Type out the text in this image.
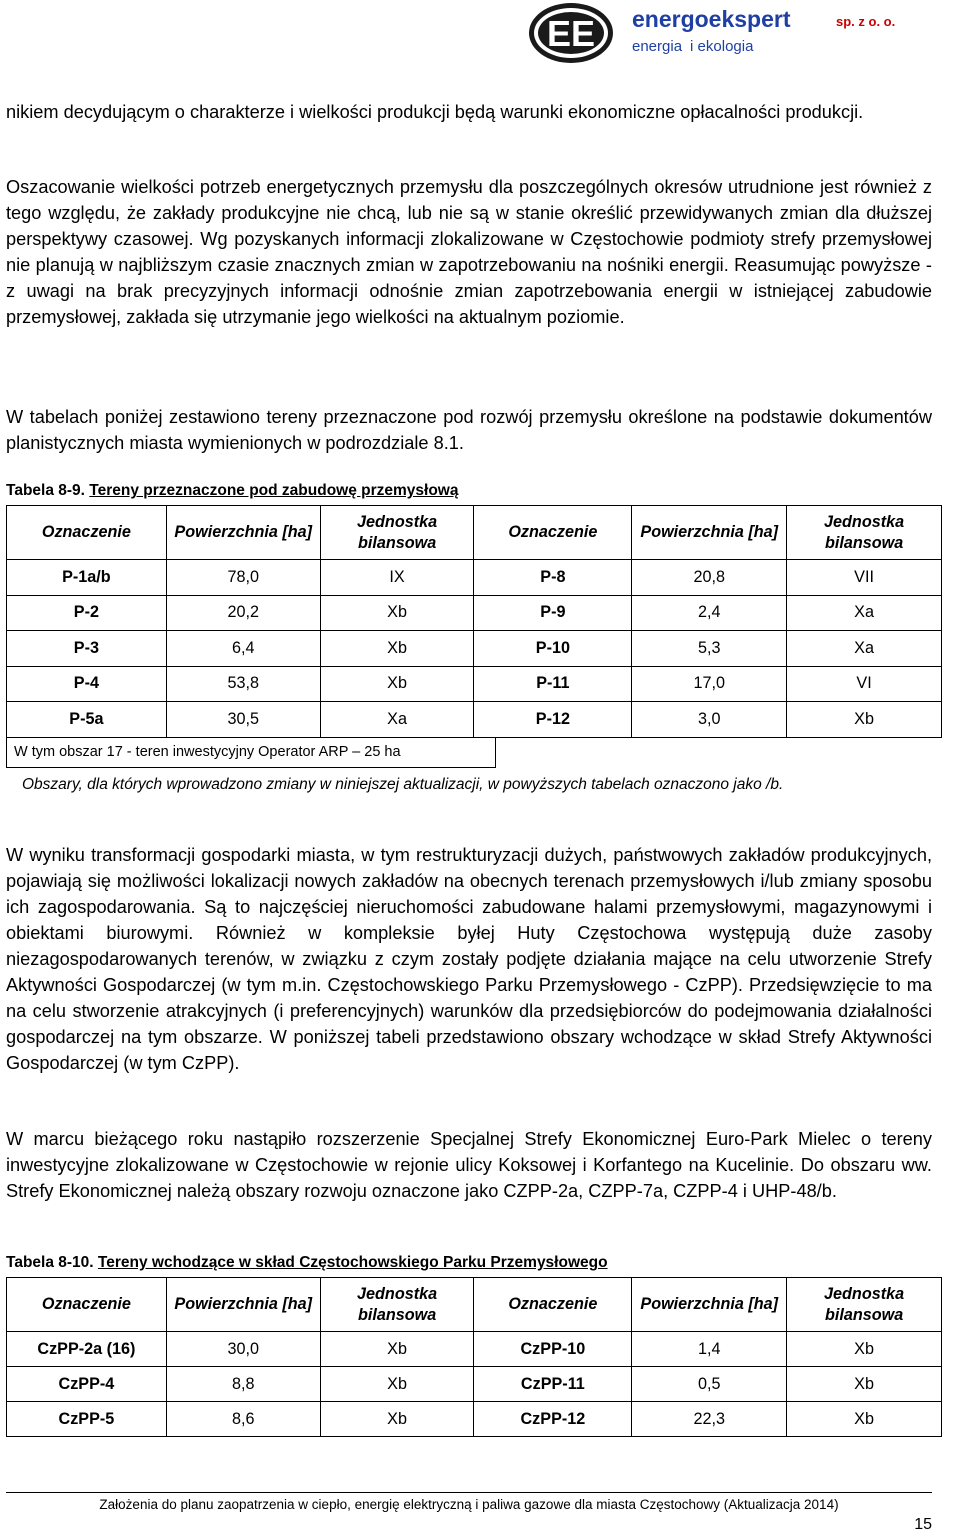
EE energoekspert	sp. z o. o.
energia i ekologia

nikiem decydującym o charakterze i wielkości produkcji będą warunki ekonomiczne opłacalności produkcji.

Oszacowanie wielkości potrzeb energetycznych przemysłu dla poszczególnych okresów utrudnione jest również z tego względu, że zakłady produkcyjne nie chcą, lub nie są w stanie określić przewidywanych zmian dla dłuższej perspektywy czasowej. Wg pozyskanych informacji zlokalizowane w Częstochowie podmioty strefy przemysłowej nie planują w najbliższym czasie znacznych zmian w zapotrzebowaniu na nośniki energii. Reasumując powyższe - z uwagi na brak precyzyjnych informacji odnośnie zmian zapotrzebowania energii w istniejącej zabudowie przemysłowej, zakłada się utrzymanie jego wielkości na aktualnym poziomie.

W tabelach poniżej zestawiono tereny przeznaczone pod rozwój przemysłu określone na podstawie dokumentów planistycznych miasta wymienionych w podrozdziale 8.1.

Tabela 8-9. Tereny przeznaczone pod zabudowę przemysłową

Oznaczenie	Powierzchnia [ha]	Jednostka bilansowa	Oznaczenie	Powierzchnia [ha]	Jednostka bilansowa
P-1a/b	78,0	IX	P-8	20,8	VII
P-2	20,2	Xb	P-9	2,4	Xa
P-3	6,4	Xb	P-10	5,3	Xa
P-4	53,8	Xb	P-11	17,0	VI
P-5a	30,5	Xa	P-12	3,0	Xb
W tym obszar 17 - teren inwestycyjny Operator ARP – 25 ha

Obszary, dla których wprowadzono zmiany w niniejszej aktualizacji, w powyższych tabelach oznaczono jako /b.

W wyniku transformacji gospodarki miasta, w tym restrukturyzacji dużych, państwowych zakładów produkcyjnych, pojawiają się możliwości lokalizacji nowych zakładów na obecnych terenach przemysłowych i/lub zmiany sposobu ich zagospodarowania. Są to najczęściej nieruchomości zabudowane halami przemysłowymi, magazynowymi i obiektami biurowymi. Również w kompleksie byłej Huty Częstochowa występują duże zasoby niezagospodarowanych terenów, w związku z czym zostały podjęte działania mające na celu utworzenie Strefy Aktywności Gospodarczej (w tym m.in. Częstochowskiego Parku Przemysłowego - CzPP). Przedsięwzięcie to ma na celu stworzenie atrakcyjnych (i preferencyjnych) warunków dla przedsiębiorców do podejmowania działalności gospodarczej na tym obszarze. W poniższej tabeli przedstawiono obszary wchodzące w skład Strefy Aktywności Gospodarczej (w tym CzPP).

W marcu bieżącego roku nastąpiło rozszerzenie Specjalnej Strefy Ekonomicznej Euro-Park Mielec o tereny inwestycyjne zlokalizowane w Częstochowie w rejonie ulicy Koksowej i Korfantego na Kucelinie. Do obszaru ww. Strefy Ekonomicznej należą obszary rozwoju oznaczone jako CZPP-2a, CZPP-7a, CZPP-4 i UHP-48/b.

Tabela 8-10. Tereny wchodzące w skład Częstochowskiego Parku Przemysłowego

Oznaczenie	Powierzchnia [ha]	Jednostka bilansowa	Oznaczenie	Powierzchnia [ha]	Jednostka bilansowa
CzPP-2a (16)	30,0	Xb	CzPP-10	1,4	Xb
CzPP-4	8,8	Xb	CzPP-11	0,5	Xb
CzPP-5	8,6	Xb	CzPP-12	22,3	Xb

Założenia do planu zaopatrzenia w ciepło, energię elektryczną i paliwa gazowe dla miasta Częstochowy (Aktualizacja 2014)

15
